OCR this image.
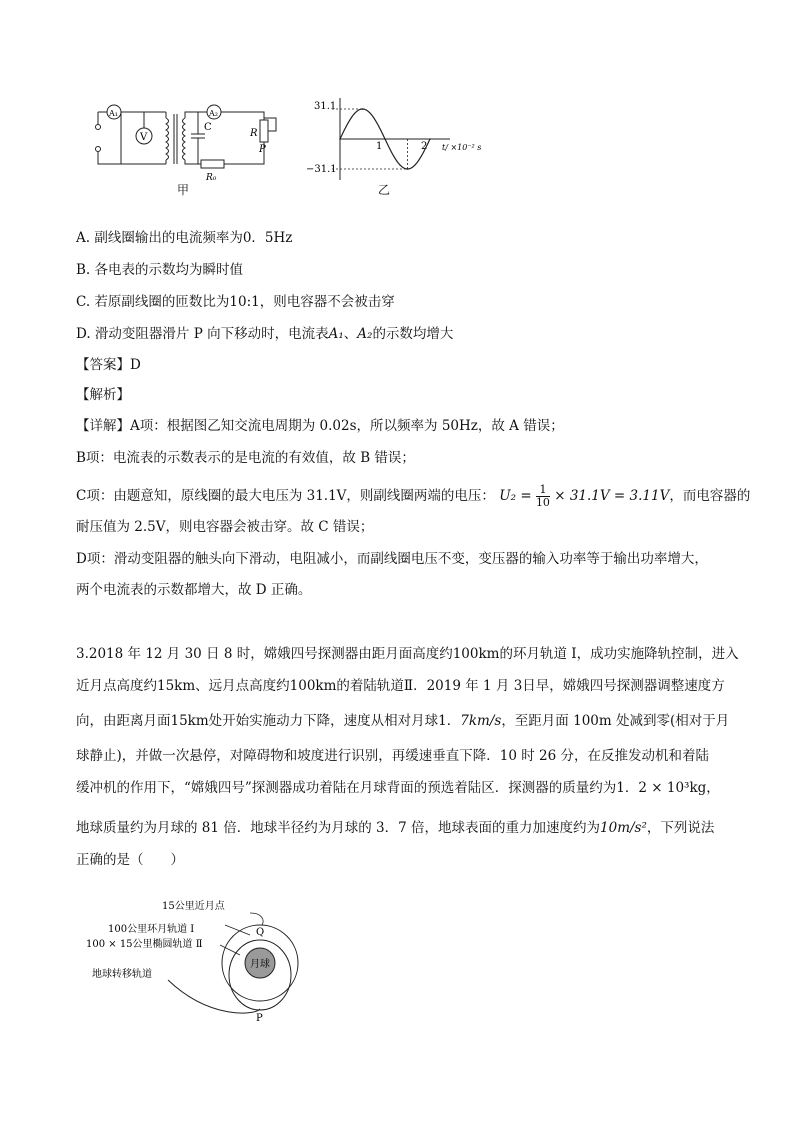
A₁
V
A₂
C
R
P
R₀
甲
31.1
−31.1
1	2 t/ ×10⁻² s
乙
A. 副线圈输出的电流频率为0．5Hz
B. 各电表的示数均为瞬时值
C. 若原副线圈的匝数比为10:1，则电容器不会被击穿
D. 滑动变阻器滑片 P 向下移动时，电流表A₁、A₂的示数均增大
【答案】D
【解析】
【详解】A项：根据图乙知交流电周期为 0.02s，所以频率为 50Hz，故 A 错误；
B项：电流表的示数表示的是电流的有效值，故 B 错误；
C项：由题意知，原线圈的最大电压为 31.1V，则副线圈两端的电压： $U_2 = \frac{1}{10} \times 31.1V = 3.11V$，而电容器的
耐压值为 2.5V，则电容器会被击穿。故 C 错误；
D项：滑动变阻器的触头向下滑动，电阻减小，而副线圈电压不变，变压器的输入功率等于输出功率增大，
两个电流表的示数都增大，故 D 正确。
3.2018 年 12 月 30 日 8 时，嫦娥四号探测器由距月面高度约100km的环月轨道 I，成功实施降轨控制，进入
近月点高度约15km、远月点高度约100km的着陆轨道Ⅱ．2019 年 1 月 3日早，嫦娥四号探测器调整速度方
向，由距离月面15km处开始实施动力下降，速度从相对月球1．7km/s，至距月面 100m 处减到零(相对于月
球静止)，并做一次悬停，对障碍物和坡度进行识别，再缓速垂直下降．10 时 26 分，在反推发动机和着陆
缓冲机的作用下，“嫦娥四号”探测器成功着陆在月球背面的预选着陆区．探测器的质量约为1．2 × 10³kg，
地球质量约为月球的 81 倍．地球半径约为月球的 3．7 倍，地球表面的重力加速度约为10m/s²，下列说法
正确的是（　　）
15公里近月点
100公里环月轨道 Ⅰ
100 × 15公里椭圆轨道 Ⅱ
地球转移轨道
月球
Q
P
